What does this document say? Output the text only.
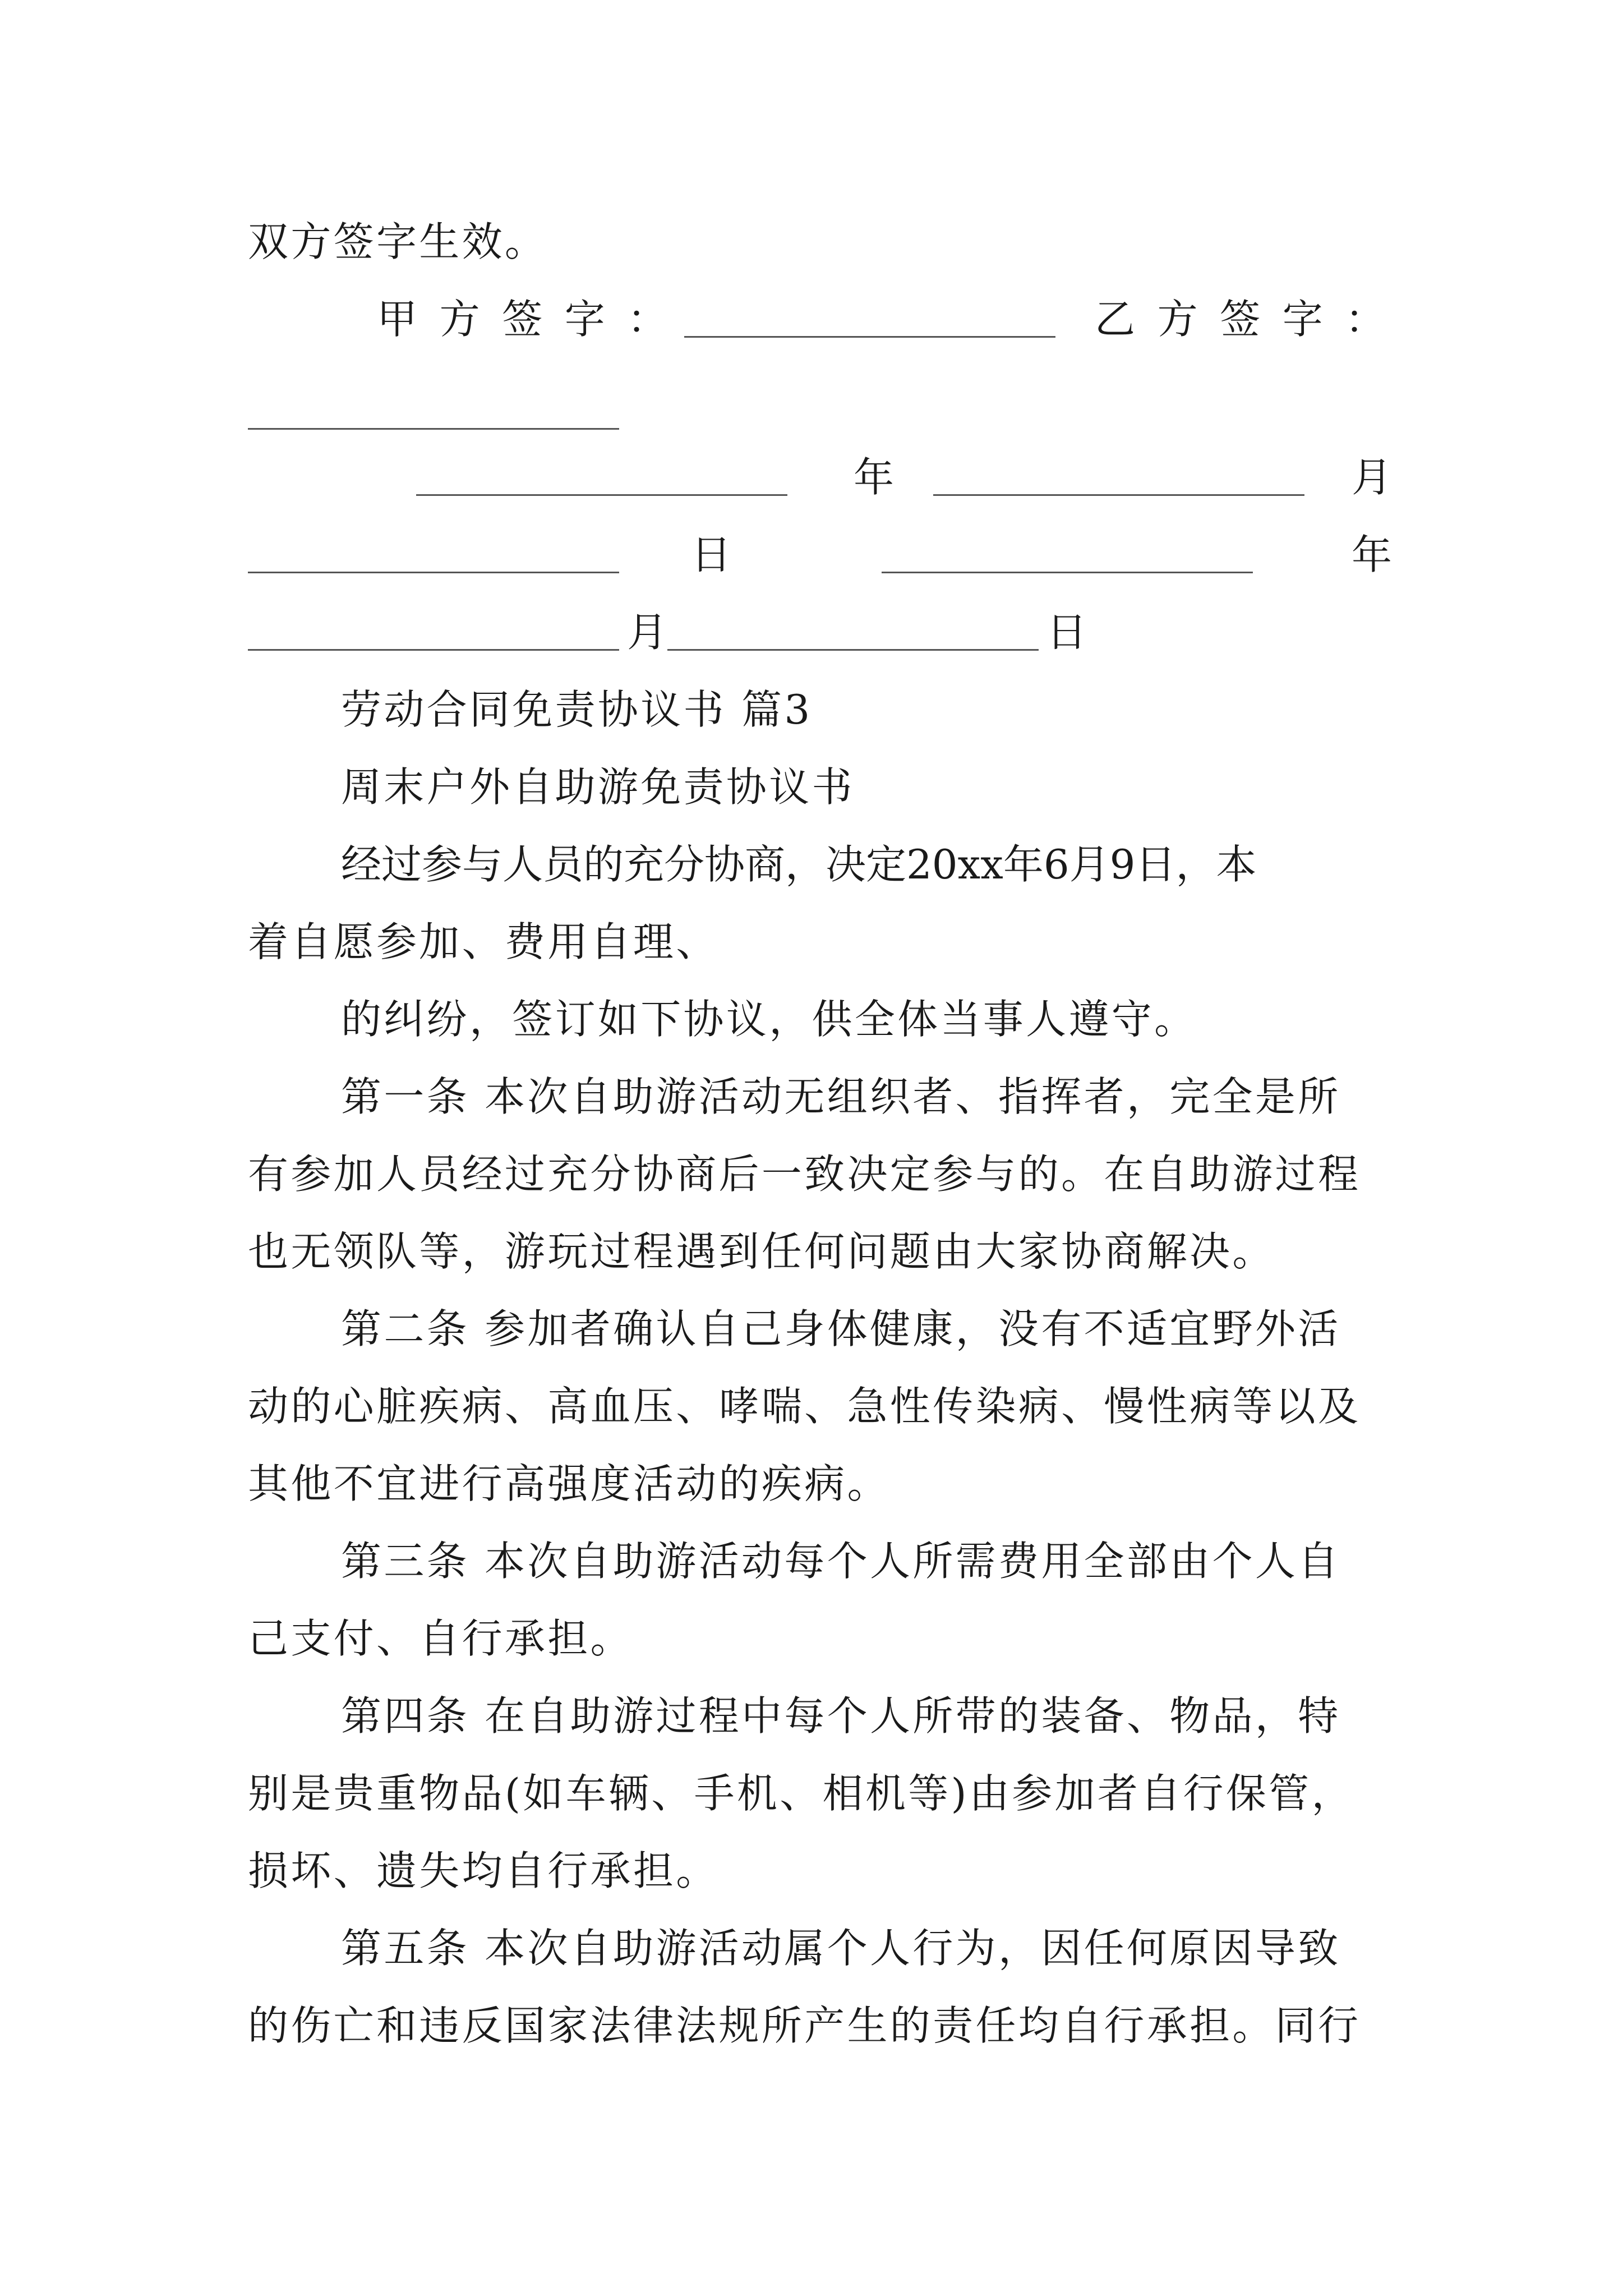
双方签字生效。
甲方签字：	乙方签字：
年	月
日	年
月	日
劳动合同免责协议书 篇3
周末户外自助游免责协议书
经过参与人员的充分协商，决定20xx年6月9日，本
着自愿参加、费用自理、
的纠纷，签订如下协议，供全体当事人遵守。
第一条 本次自助游活动无组织者、指挥者，完全是所
有参加人员经过充分协商后一致决定参与的。在自助游过程
也无领队等，游玩过程遇到任何问题由大家协商解决。
第二条 参加者确认自己身体健康，没有不适宜野外活
动的心脏疾病、高血压、哮喘、急性传染病、慢性病等以及
其他不宜进行高强度活动的疾病。
第三条 本次自助游活动每个人所需费用全部由个人自
己支付、自行承担。
第四条 在自助游过程中每个人所带的装备、物品，特
别是贵重物品(如车辆、手机、相机等)由参加者自行保管，
损坏、遗失均自行承担。
第五条 本次自助游活动属个人行为，因任何原因导致
的伤亡和违反国家法律法规所产生的责任均自行承担。同行
